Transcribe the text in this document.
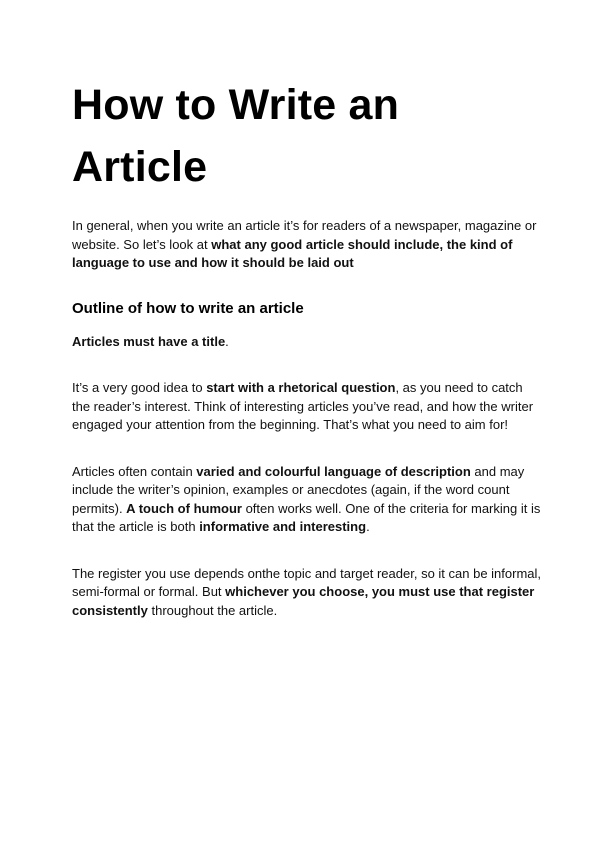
How to Write an Article

In general, when you write an article it’s for readers of a newspaper, magazine or website. So let’s look at what any good article should include, the kind of language to use and how it should be laid out

Outline of how to write an article

Articles must have a title.

It’s a very good idea to start with a rhetorical question, as you need to catch the reader’s interest. Think of interesting articles you’ve read, and how the writer engaged your attention from the beginning. That’s what you need to aim for!

Articles often contain varied and colourful language of description and may include the writer’s opinion, examples or anecdotes (again, if the word count permits). A touch of humour often works well. One of the criteria for marking it is that the article is both informative and interesting.

The register you use depends onthe topic and target reader, so it can be informal, semi-formal or formal. But whichever you choose, you must use that register consistently throughout the article.
